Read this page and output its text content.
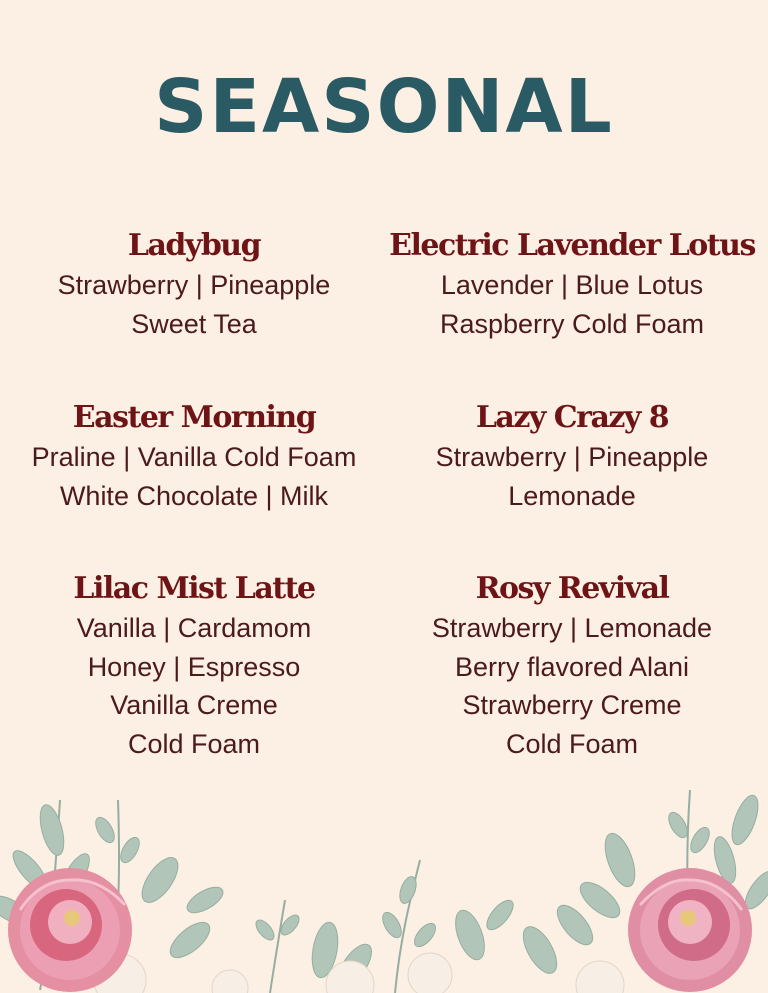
SEASONAL
Ladybug
Strawberry | Pineapple
Sweet Tea
Electric Lavender Lotus
Lavender | Blue Lotus
Raspberry Cold Foam
Easter Morning
Praline | Vanilla Cold Foam
White Chocolate | Milk
Lazy Crazy 8
Strawberry | Pineapple
Lemonade
Lilac Mist Latte
Vanilla | Cardamom
Honey | Espresso
Vanilla Creme
Cold Foam
Rosy Revival
Strawberry | Lemonade
Berry flavored Alani
Strawberry Creme
Cold Foam
